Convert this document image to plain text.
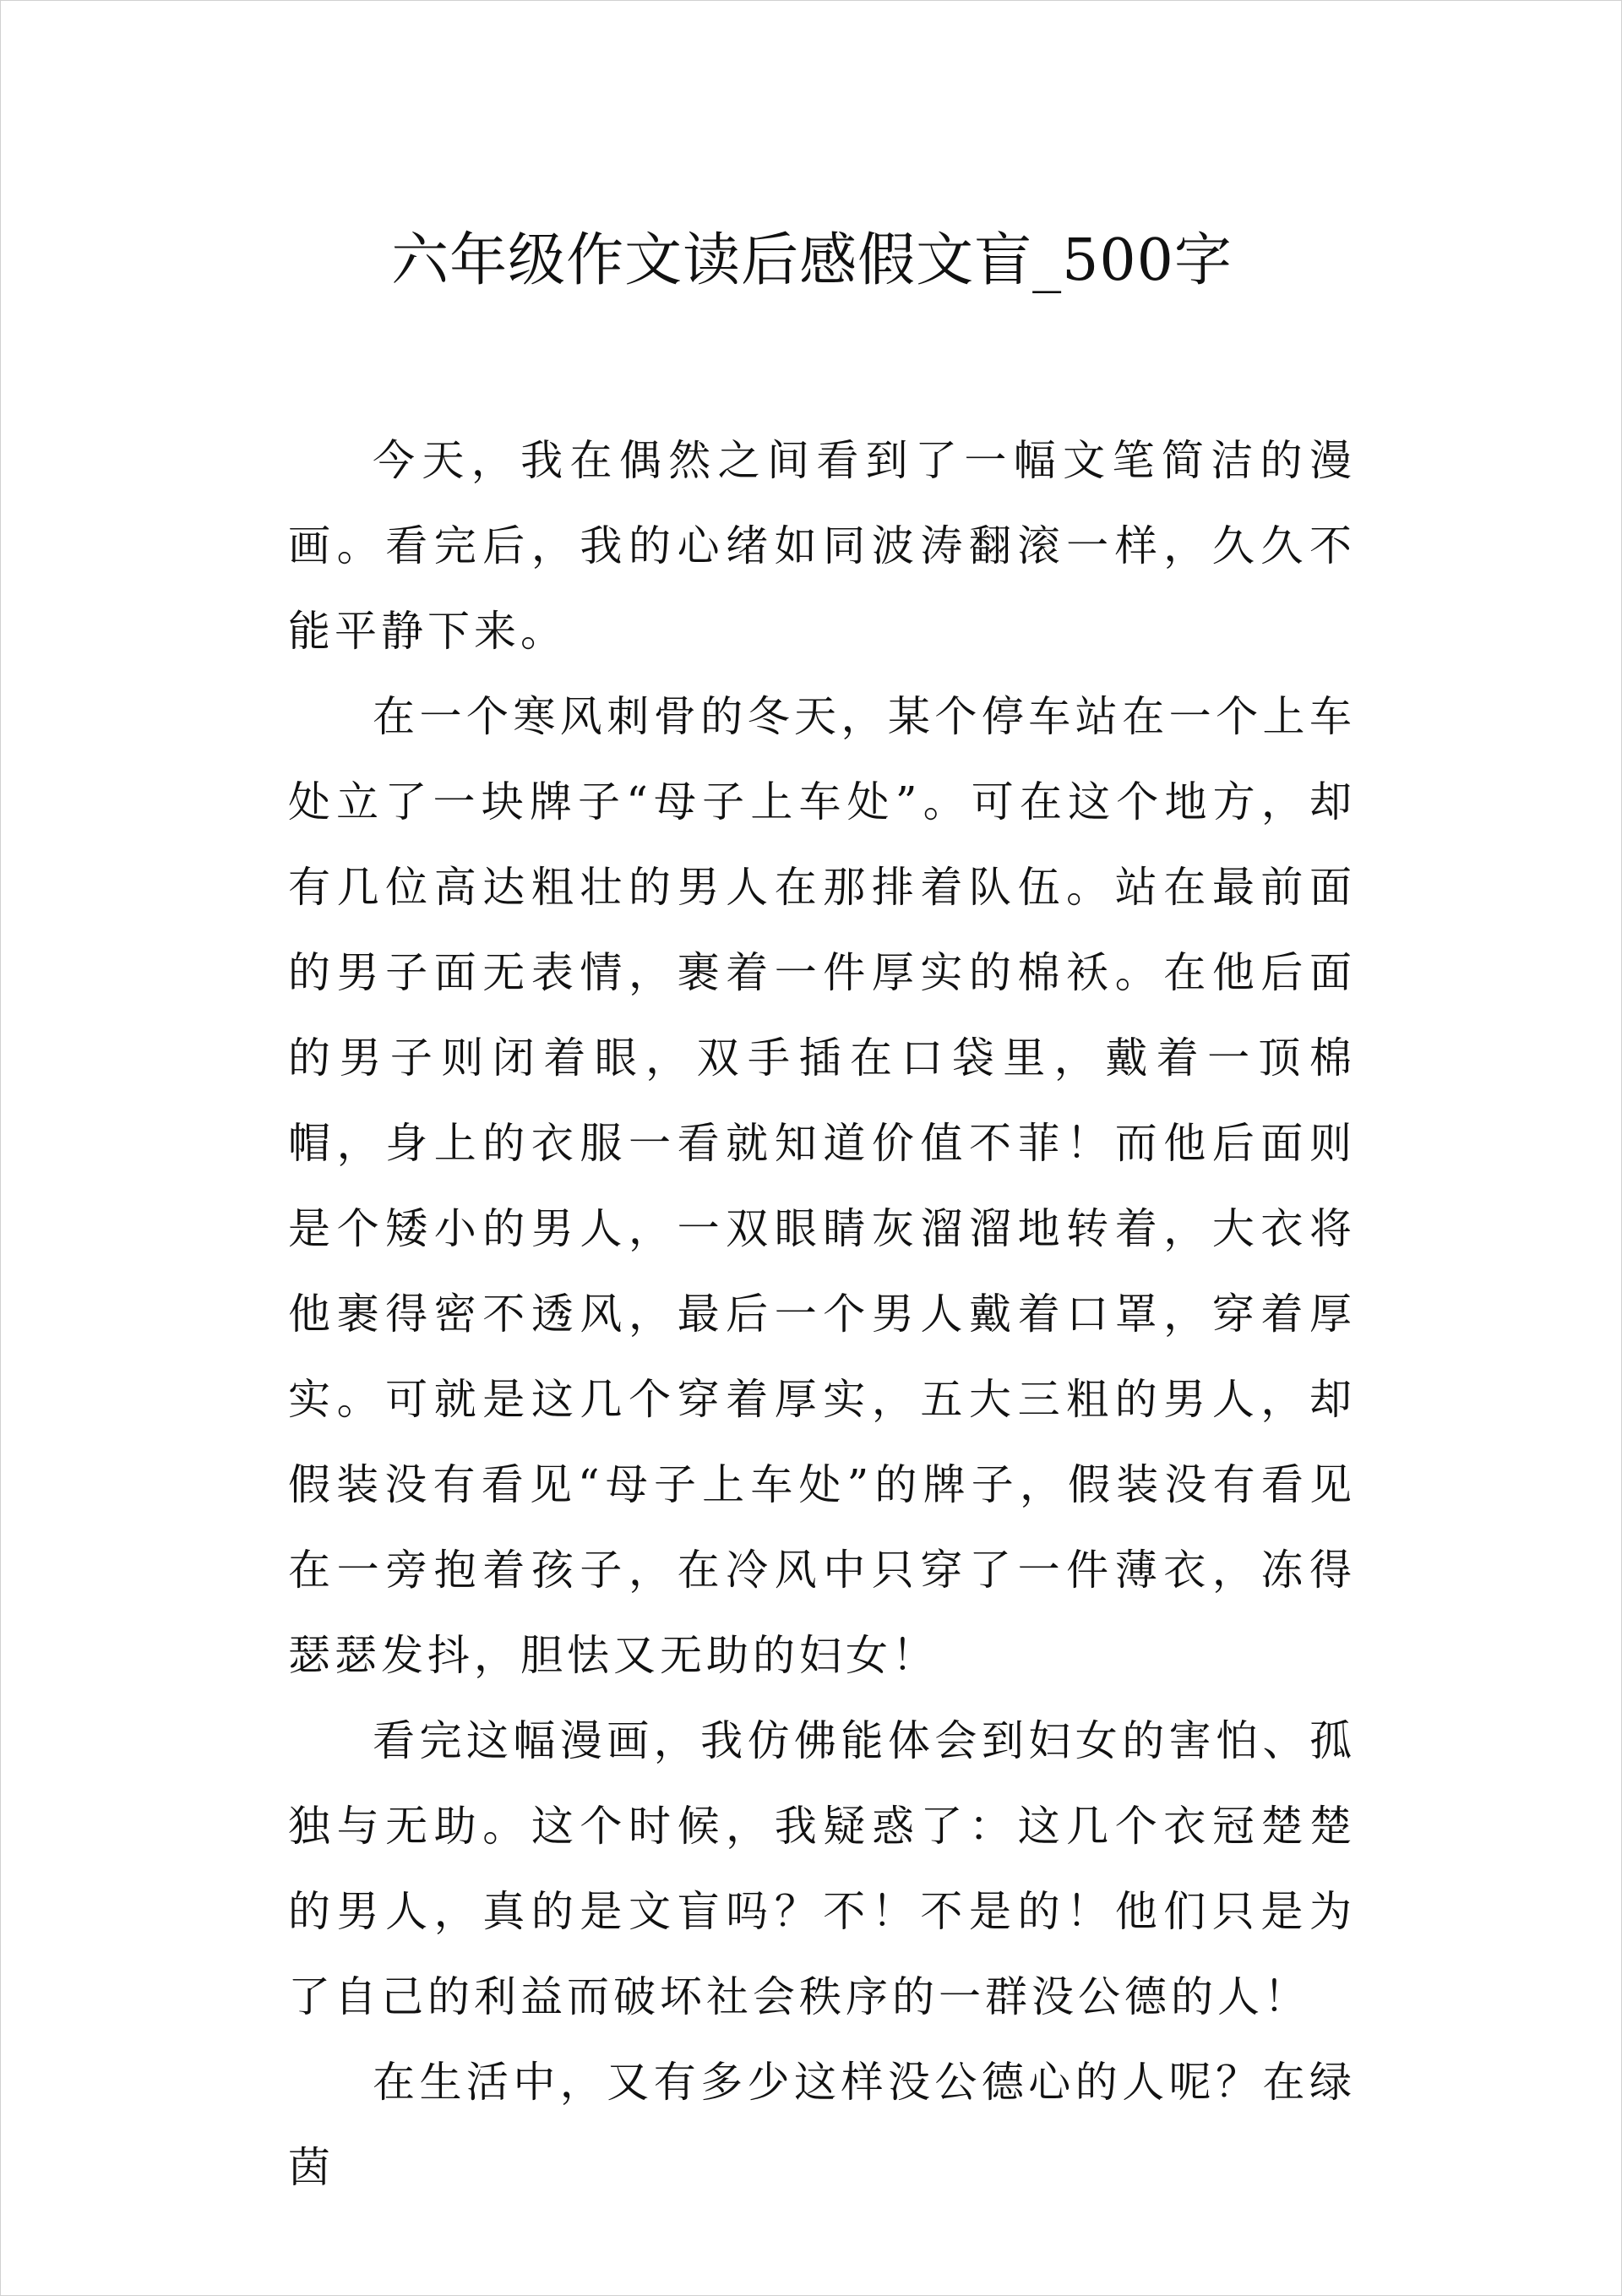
六年级作文读后感假文盲_500字

今天，我在偶然之间看到了一幅文笔简洁的漫画。看完后，我的心绪如同波涛翻滚一样，久久不能平静下来。

在一个寒风刺骨的冬天，某个停车站在一个上车处立了一块牌子“母子上车处”。可在这个地方，却有几位高达粗壮的男人在那排着队伍。站在最前面的男子面无表情，裹着一件厚实的棉袄。在他后面的男子则闭着眼，双手插在口袋里，戴着一顶棉帽，身上的衣服一看就知道价值不菲！而他后面则是个矮小的男人，一双眼睛灰溜溜地转着，大衣将他裹得密不透风，最后一个男人戴着口罩，穿着厚实。可就是这几个穿着厚实，五大三粗的男人，却假装没有看见“母子上车处”的牌子，假装没有看见在一旁抱着孩子，在冷风中只穿了一件薄衣，冻得瑟瑟发抖，胆怯又无助的妇女！

看完这幅漫画，我仿佛能体会到妇女的害怕、孤独与无助。这个时候，我疑惑了：这几个衣冠楚楚的男人，真的是文盲吗？不！不是的！他们只是为了自己的利益而破坏社会秩序的一群没公德的人！

在生活中，又有多少这样没公德心的人呢？在绿茵
